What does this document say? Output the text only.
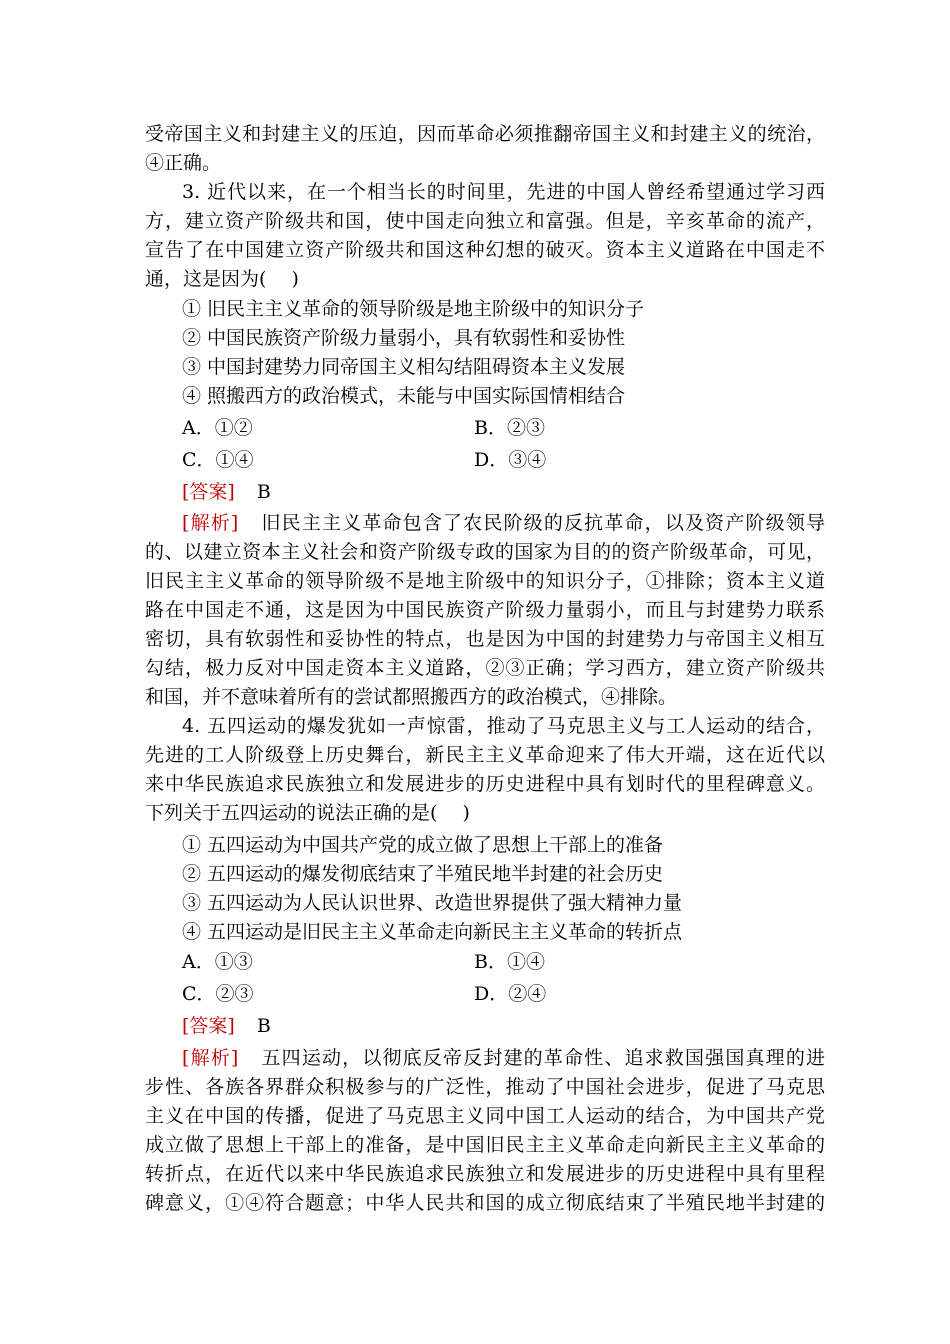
受帝国主义和封建主义的压迫，因而革命必须推翻帝国主义和封建主义的统治，
④正确。
3. 近代以来，在一个相当长的时间里，先进的中国人曾经希望通过学习西
方，建立资产阶级共和国，使中国走向独立和富强。但是，辛亥革命的流产，
宣告了在中国建立资产阶级共和国这种幻想的破灭。资本主义道路在中国走不
通，这是因为(　 )
① 旧民主主义革命的领导阶级是地主阶级中的知识分子
② 中国民族资产阶级力量弱小，具有软弱性和妥协性
③ 中国封建势力同帝国主义相勾结阻碍资本主义发展
④ 照搬西方的政治模式，未能与中国实际国情相结合
A．①②	B．②③
C．①④	D．③④
[答案] B
[解析] 旧民主主义革命包含了农民阶级的反抗革命，以及资产阶级领导
的、以建立资本主义社会和资产阶级专政的国家为目的的资产阶级革命，可见，
旧民主主义革命的领导阶级不是地主阶级中的知识分子，①排除；资本主义道
路在中国走不通，这是因为中国民族资产阶级力量弱小，而且与封建势力联系
密切，具有软弱性和妥协性的特点，也是因为中国的封建势力与帝国主义相互
勾结，极力反对中国走资本主义道路，②③正确；学习西方，建立资产阶级共
和国，并不意味着所有的尝试都照搬西方的政治模式，④排除。
4. 五四运动的爆发犹如一声惊雷，推动了马克思主义与工人运动的结合，
先进的工人阶级登上历史舞台，新民主主义革命迎来了伟大开端，这在近代以
来中华民族追求民族独立和发展进步的历史进程中具有划时代的里程碑意义。
下列关于五四运动的说法正确的是(　 )
① 五四运动为中国共产党的成立做了思想上干部上的准备
② 五四运动的爆发彻底结束了半殖民地半封建的社会历史
③ 五四运动为人民认识世界、改造世界提供了强大精神力量
④ 五四运动是旧民主主义革命走向新民主主义革命的转折点
A．①③	B．①④
C．②③	D．②④
[答案] B
[解析] 五四运动，以彻底反帝反封建的革命性、追求救国强国真理的进
步性、各族各界群众积极参与的广泛性，推动了中国社会进步，促进了马克思
主义在中国的传播，促进了马克思主义同中国工人运动的结合，为中国共产党
成立做了思想上干部上的准备，是中国旧民主主义革命走向新民主主义革命的
转折点，在近代以来中华民族追求民族独立和发展进步的历史进程中具有里程
碑意义，①④符合题意；中华人民共和国的成立彻底结束了半殖民地半封建的
